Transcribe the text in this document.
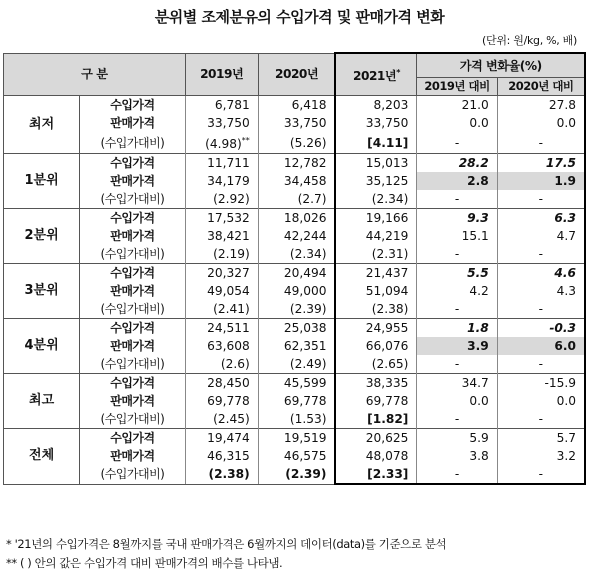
분위별 조제분유의 수입가격 및 판매가격 변화
(단위: 원/kg, %, 배)
구 분		2019년	2020년	2021년*	가격 변화율(%)	
					2019년 대비	2020년 대비
최저	수입가격	6,781	6,418	8,203	21.0	27.8
	판매가격	33,750	33,750	33,750	0.0	0.0
	(수입가대비)	(4.98)**	(5.26)	[4.11]	-	-
1분위	수입가격	11,711	12,782	15,013	28.2	17.5
	판매가격	34,179	34,458	35,125	2.8	1.9
	(수입가대비)	(2.92)	(2.7)	(2.34)	-	-
2분위	수입가격	17,532	18,026	19,166	9.3	6.3
	판매가격	38,421	42,244	44,219	15.1	4.7
	(수입가대비)	(2.19)	(2.34)	(2.31)	-	-
3분위	수입가격	20,327	20,494	21,437	5.5	4.6
	판매가격	49,054	49,000	51,094	4.2	4.3
	(수입가대비)	(2.41)	(2.39)	(2.38)	-	-
4분위	수입가격	24,511	25,038	24,955	1.8	-0.3
	판매가격	63,608	62,351	66,076	3.9	6.0
	(수입가대비)	(2.6)	(2.49)	(2.65)	-	-
최고	수입가격	28,450	45,599	38,335	34.7	-15.9
	판매가격	69,778	69,778	69,778	0.0	0.0
	(수입가대비)	(2.45)	(1.53)	[1.82]	-	-
전체	수입가격	19,474	19,519	20,625	5.9	5.7
	판매가격	46,315	46,575	48,078	3.8	3.2
	(수입가대비)	(2.38)	(2.39)	[2.33]	-	-
* '21년의 수입가격은 8월까지를 국내 판매가격은 6월까지의 데이터(data)를 기준으로 분석
** ( ) 안의 값은 수입가격 대비 판매가격의 배수를 나타냄.
